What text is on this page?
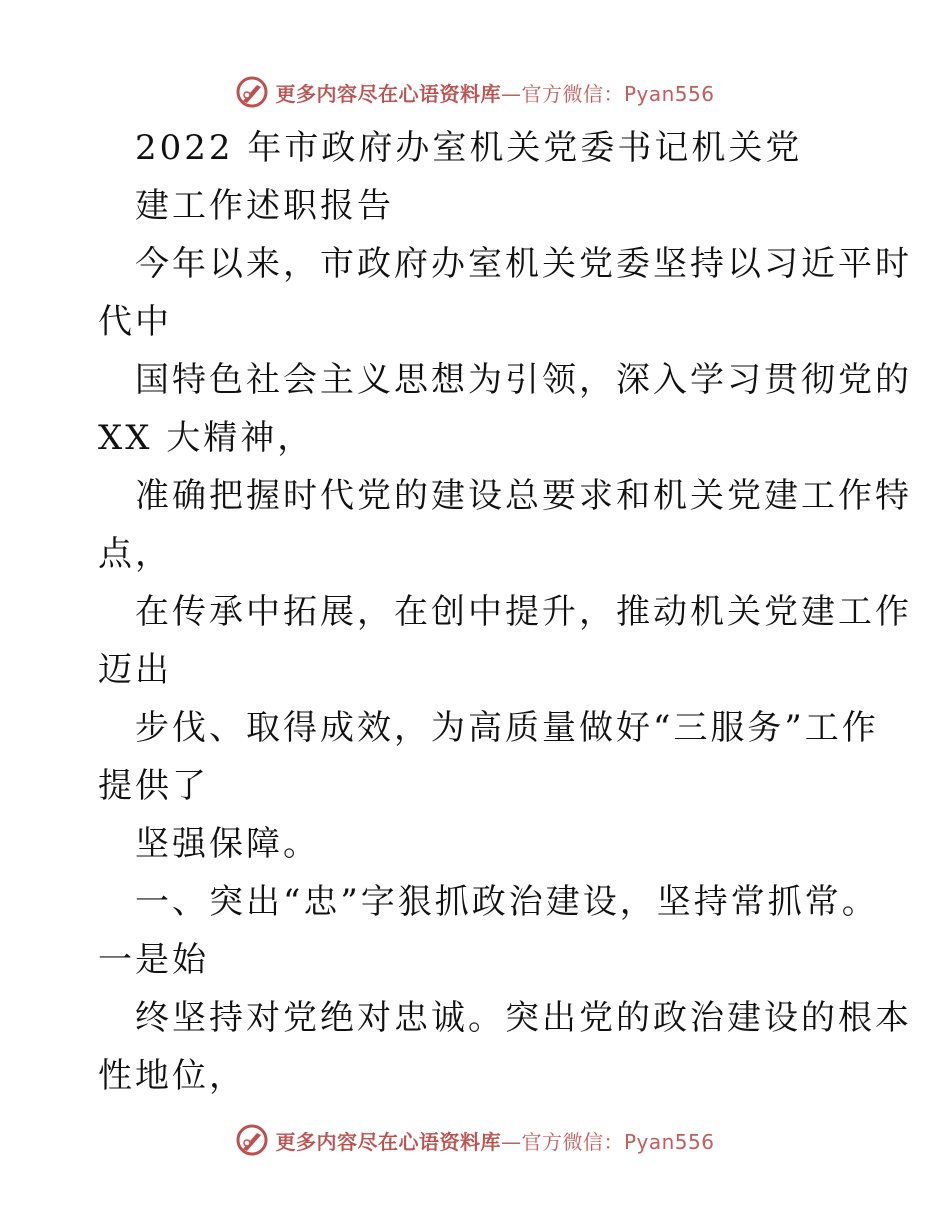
更多内容尽在心语资料库—官方微信：Pyan556
2022 年市政府办室机关党委书记机关党
建工作述职报告
今年以来，市政府办室机关党委坚持以习近平时
代中
国特色社会主义思想为引领，深入学习贯彻党的
XX 大精神，
准确把握时代党的建设总要求和机关党建工作特
点，
在传承中拓展，在创中提升，推动机关党建工作
迈出
步伐、取得成效，为高质量做好“三服务”工作
提供了
坚强保障。
一、突出“忠”字狠抓政治建设，坚持常抓常。
一是始
终坚持对党绝对忠诚。突出党的政治建设的根本
性地位，
更多内容尽在心语资料库—官方微信：Pyan556
